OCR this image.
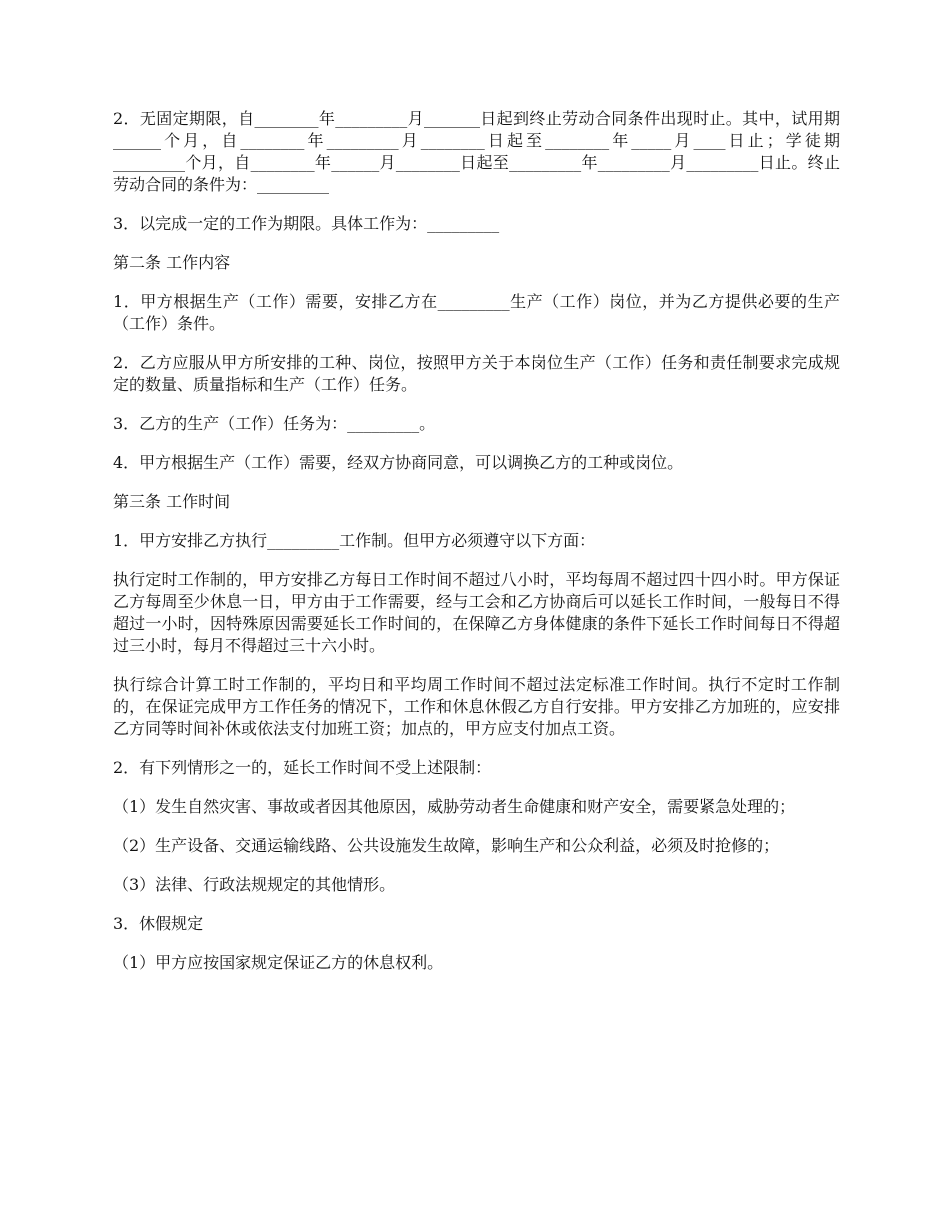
2．无固定期限，自________年_________月_______日起到终止劳动合同条件出现时止。其中，试用期______个月，自________年_________月________日起至________年_____月____日止；学徒期_________个月，自________年______月________日起至_________年_________月_________日止。终止劳动合同的条件为：_________

3．以完成一定的工作为期限。具体工作为：_________

第二条 工作内容

1．甲方根据生产（工作）需要，安排乙方在_________生产（工作）岗位，并为乙方提供必要的生产（工作）条件。

2．乙方应服从甲方所安排的工种、岗位，按照甲方关于本岗位生产（工作）任务和责任制要求完成规定的数量、质量指标和生产（工作）任务。

3．乙方的生产（工作）任务为：_________。

4．甲方根据生产（工作）需要，经双方协商同意，可以调换乙方的工种或岗位。

第三条 工作时间

1．甲方安排乙方执行_________工作制。但甲方必须遵守以下方面：

执行定时工作制的，甲方安排乙方每日工作时间不超过八小时，平均每周不超过四十四小时。甲方保证乙方每周至少休息一日，甲方由于工作需要，经与工会和乙方协商后可以延长工作时间，一般每日不得超过一小时，因特殊原因需要延长工作时间的，在保障乙方身体健康的条件下延长工作时间每日不得超过三小时，每月不得超过三十六小时。

执行综合计算工时工作制的，平均日和平均周工作时间不超过法定标准工作时间。执行不定时工作制的，在保证完成甲方工作任务的情况下，工作和休息休假乙方自行安排。甲方安排乙方加班的，应安排乙方同等时间补休或依法支付加班工资；加点的，甲方应支付加点工资。

2．有下列情形之一的，延长工作时间不受上述限制：

（1）发生自然灾害、事故或者因其他原因，威胁劳动者生命健康和财产安全，需要紧急处理的；

（2）生产设备、交通运输线路、公共设施发生故障，影响生产和公众利益，必须及时抢修的；

（3）法律、行政法规规定的其他情形。

3．休假规定

（1）甲方应按国家规定保证乙方的休息权利。
